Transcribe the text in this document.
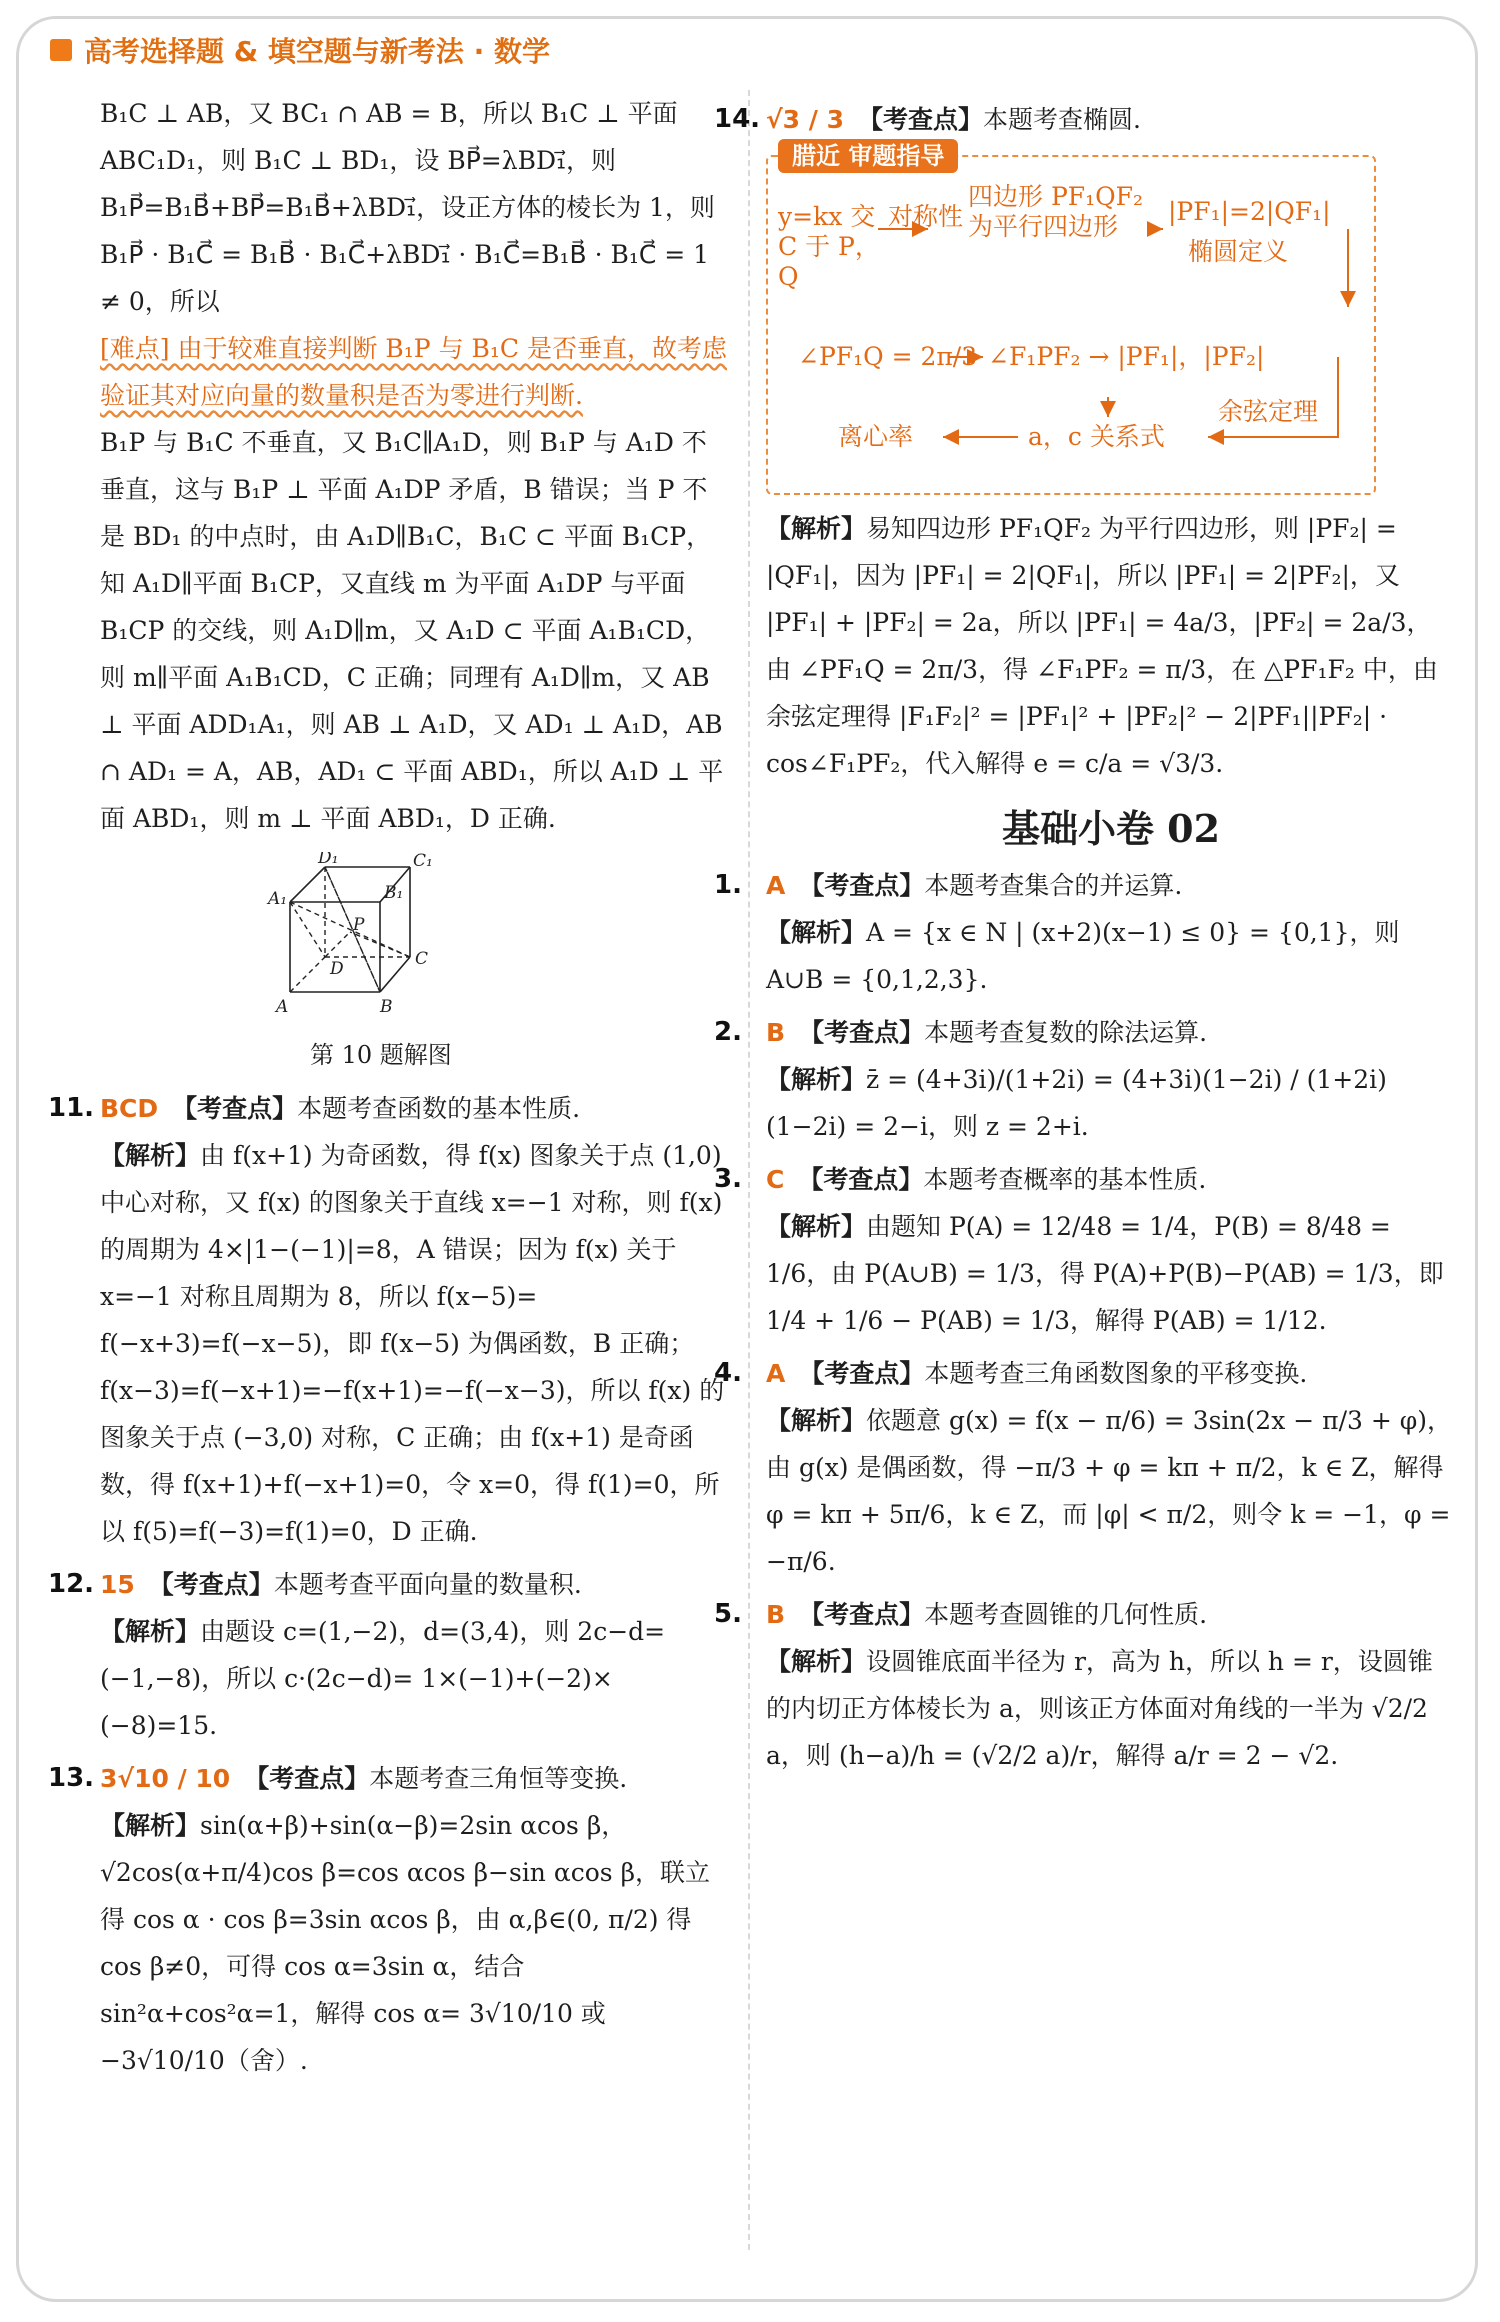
高考选择题 & 填空题与新考法 · 数学

B₁C ⊥ AB，又 BC₁ ∩ AB = B，所以 B₁C ⊥ 平面 ABC₁D₁，则 B₁C ⊥ BD₁，设 BP⃗=λBD₁⃗，则 B₁P⃗=B₁B⃗+BP⃗=B₁B⃗+λBD₁⃗，设正方体的棱长为 1，则 B₁P⃗ · B₁C⃗ = B₁B⃗ · B₁C⃗+λBD₁⃗ · B₁C⃗=B₁B⃗ · B₁C⃗ = 1 ≠ 0，所以

[难点] 由于较难直接判断 B₁P 与 B₁C 是否垂直，故考虑验证其对应向量的数量积是否为零进行判断.

B₁P 与 B₁C 不垂直，又 B₁C∥A₁D，则 B₁P 与 A₁D 不垂直，这与 B₁P ⊥ 平面 A₁DP 矛盾，B 错误；当 P 不是 BD₁ 的中点时，由 A₁D∥B₁C，B₁C ⊂ 平面 B₁CP，知 A₁D∥平面 B₁CP，又直线 m 为平面 A₁DP 与平面 B₁CP 的交线，则 A₁D∥m，又 A₁D ⊂ 平面 A₁B₁CD，则 m∥平面 A₁B₁CD，C 正确；同理有 A₁D∥m，又 AB ⊥ 平面 ADD₁A₁，则 AB ⊥ A₁D，又 AD₁ ⊥ A₁D，AB ∩ AD₁ = A，AB，AD₁ ⊂ 平面 ABD₁，所以 A₁D ⊥ 平面 ABD₁，则 m ⊥ 平面 ABD₁，D 正确.

D₁	C₁
A₁	B₁
P
D	C
A	B

第 10 题解图

11. BCD 【考查点】本题考查函数的基本性质.

【解析】由 f(x+1) 为奇函数，得 f(x) 图象关于点 (1,0) 中心对称，又 f(x) 的图象关于直线 x=−1 对称，则 f(x) 的周期为 4×|1−(−1)|=8，A 错误；因为 f(x) 关于 x=−1 对称且周期为 8，所以 f(x−5)= f(−x+3)=f(−x−5)，即 f(x−5) 为偶函数，B 正确；f(x−3)=f(−x+1)=−f(x+1)=−f(−x−3)，所以 f(x) 的图象关于点 (−3,0) 对称，C 正确；由 f(x+1) 是奇函数，得 f(x+1)+f(−x+1)=0，令 x=0，得 f(1)=0，所以 f(5)=f(−3)=f(1)=0，D 正确.

12. 15 【考查点】本题考查平面向量的数量积.

【解析】由题设 c=(1,−2)，d=(3,4)，则 2c−d= (−1,−8)，所以 c·(2c−d)= 1×(−1)+(−2)× (−8)=15.

13. 3√10 / 10 【考查点】本题考查三角恒等变换.

【解析】sin(α+β)+sin(α−β)=2sin αcos β，√2cos(α+π/4)cos β=cos αcos β−sin αcos β，联立得 cos α · cos β=3sin αcos β，由 α,β∈(0, π/2) 得 cos β≠0，可得 cos α=3sin α，结合 sin²α+cos²α=1，解得 cos α= 3√10/10 或 −3√10/10（舍）.

14. √3 / 3 【考查点】本题考查椭圆.

腊近 审题指导
y=kx 交 C 于 P，Q
对称性
四边形 PF₁QF₂ 为平行四边形
|PF₁|=2|QF₁|
椭圆定义
∠PF₁Q = 2π/3 ∠F₁PF₂ → |PF₁|，|PF₂|
余弦定理
a，c 关系式
离心率

【解析】易知四边形 PF₁QF₂ 为平行四边形，则 |PF₂| = |QF₁|，因为 |PF₁| = 2|QF₁|，所以 |PF₁| = 2|PF₂|，又 |PF₁| + |PF₂| = 2a，所以 |PF₁| = 4a/3，|PF₂| = 2a/3，由 ∠PF₁Q = 2π/3，得 ∠F₁PF₂ = π/3，在 △PF₁F₂ 中，由余弦定理得 |F₁F₂|² = |PF₁|² + |PF₂|² − 2|PF₁||PF₂| · cos∠F₁PF₂，代入解得 e = c/a = √3/3.

基础小卷 02
1. A 【考查点】本题考查集合的并运算.

【解析】A = {x ∈ N | (x+2)(x−1) ≤ 0} = {0,1}，则 A∪B = {0,1,2,3}.

2. B 【考查点】本题考查复数的除法运算.

【解析】z̄ = (4+3i)/(1+2i) = (4+3i)(1−2i) / (1+2i)(1−2i) = 2−i，则 z = 2+i.

3. C 【考查点】本题考查概率的基本性质.

【解析】由题知 P(A) = 12/48 = 1/4，P(B) = 8/48 = 1/6，由 P(A∪B) = 1/3，得 P(A)+P(B)−P(AB) = 1/3，即 1/4 + 1/6 − P(AB) = 1/3，解得 P(AB) = 1/12.

4. A 【考查点】本题考查三角函数图象的平移变换.

【解析】依题意 g(x) = f(x − π/6) = 3sin(2x − π/3 + φ)，由 g(x) 是偶函数，得 −π/3 + φ = kπ + π/2，k ∈ Z，解得 φ = kπ + 5π/6，k ∈ Z，而 |φ| < π/2，则令 k = −1，φ = −π/6.

5. B 【考查点】本题考查圆锥的几何性质.

【解析】设圆锥底面半径为 r，高为 h，所以 h = r，设圆锥的内切正方体棱长为 a，则该正方体面对角线的一半为 √2/2 a，则 (h−a)/h = (√2/2 a)/r，解得 a/r = 2 − √2.
